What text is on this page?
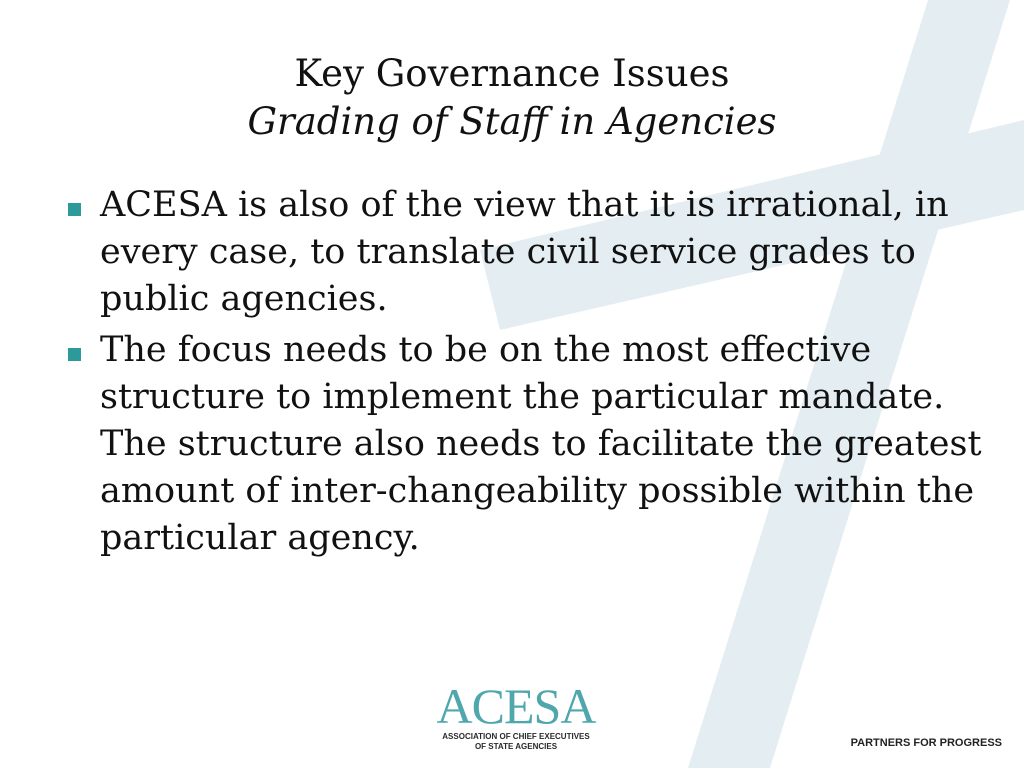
Key Governance Issues
Grading of Staff in Agencies
ACESA is also of the view that it is irrational, in every case, to translate civil service grades to public agencies.
The focus needs to be on the most effective structure to implement the particular mandate. The structure also needs to facilitate the greatest amount of inter-changeability possible within the particular agency.
ACESA
ASSOCIATION OF CHIEF EXECUTIVES
OF STATE AGENCIES	PARTNERS FOR PROGRESS
